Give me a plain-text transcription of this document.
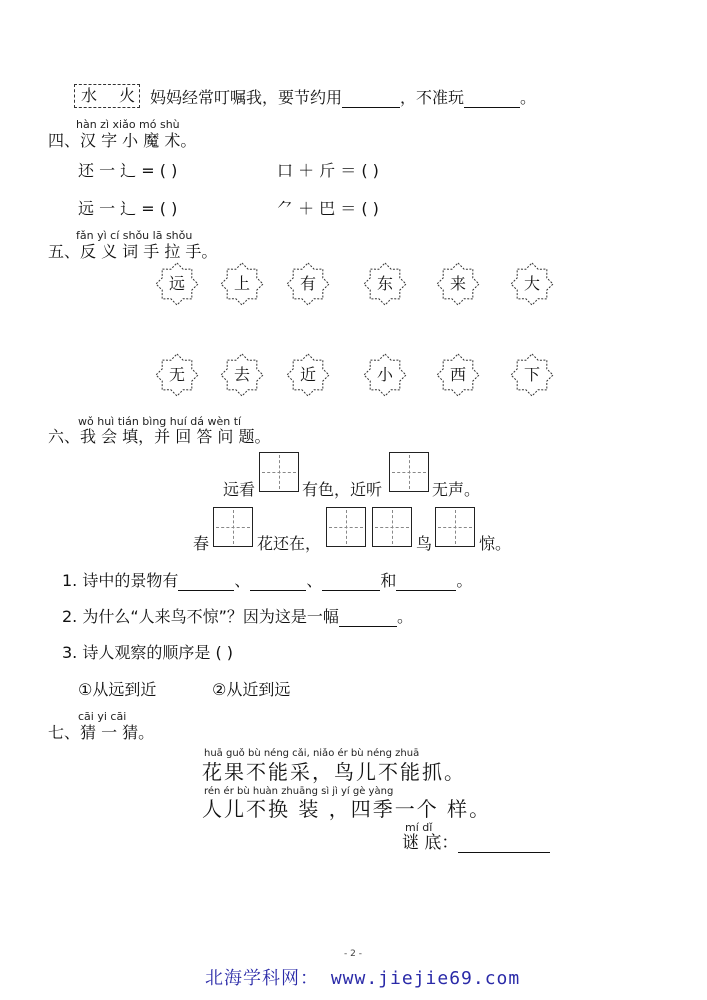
水 火 妈妈经常叮嘱我，要节约用	，不准玩	。
hàn zì xiǎo mó shù
四、汉 字 小 魔 术。
还 一 辶 = ( )	口 ＋ 斤 ＝ ( )
远 一 辶 = ( )	⺈ ＋ 巴 ＝ ( )
fǎn yì cí shǒu lā shǒu
五、反 义 词 手 拉 手。
远	上	有	东	来	大
无	去	近	小	西	下
wǒ huì tián bìng huí dá wèn tí
六、我 会 填，并 回 答 问 题。
远看	有色，近听	无声。
春	花还在，	鸟	惊。
1. 诗中的景物有	、	、	和	。
2. 为什么“人来鸟不惊”？因为这是一幅	。
3. 诗人观察的顺序是 ( )
①从远到近	②从近到远
cāi yi cāi
七、猜 一 猜。
huā guǒ bù néng cǎi, niǎo ér bù néng zhuā
花果不能采，鸟儿不能抓。
rén ér bù huàn zhuāng sì jì yí gè yàng
人儿不换 装 ，四季一个 样。
mí dǐ
谜 底：
- 2 -
北海学科网： www.jiejie69.com
